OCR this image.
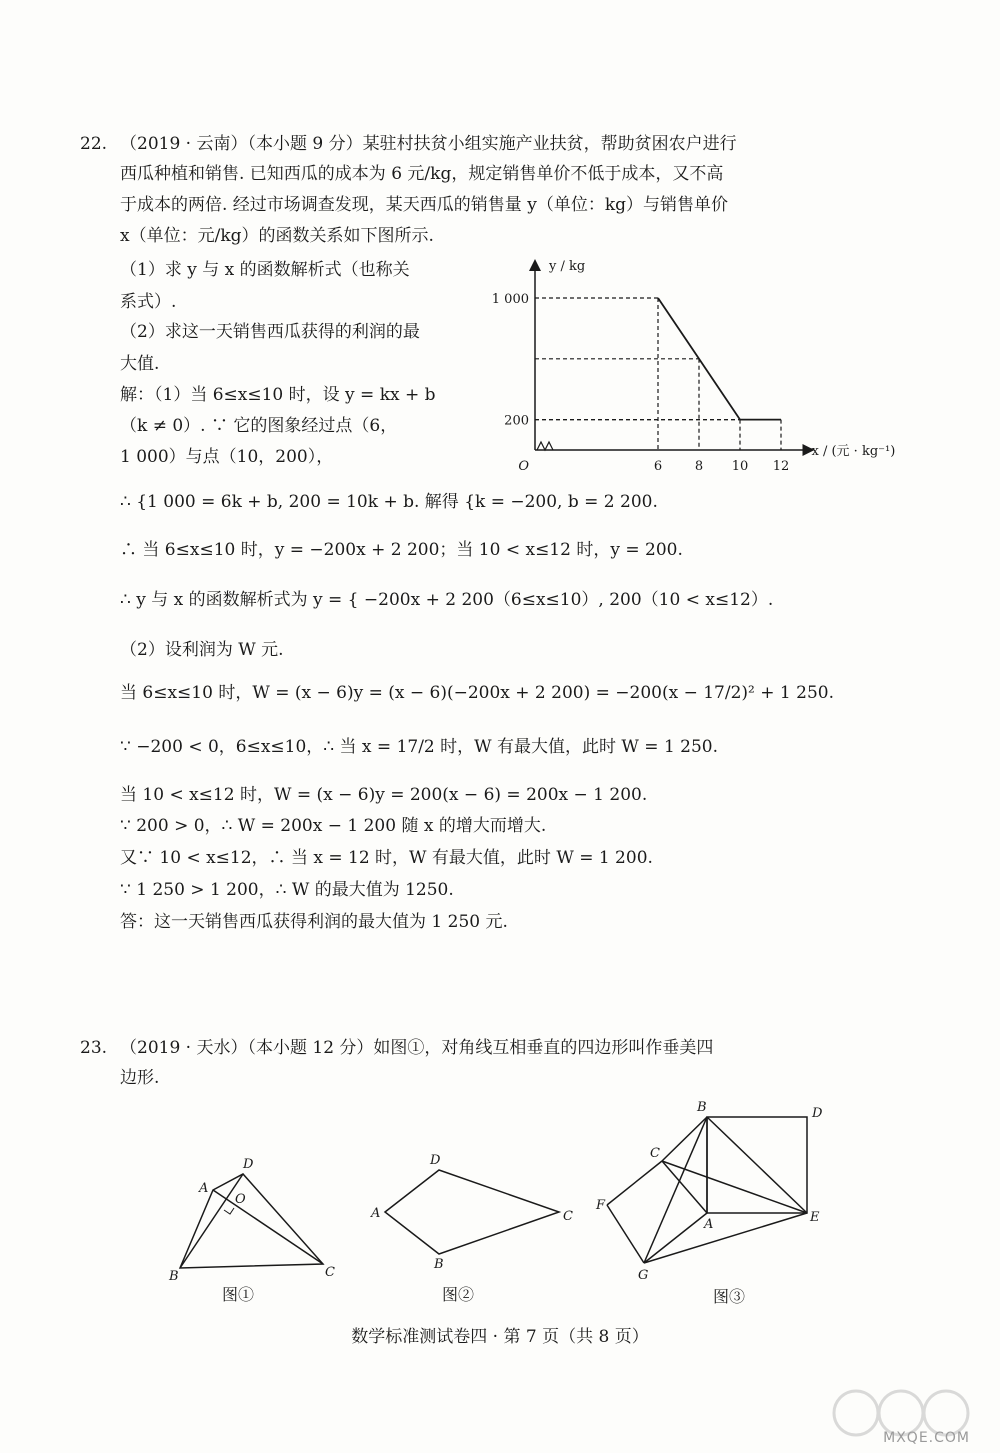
22. （2019 · 云南）（本小题 9 分）某驻村扶贫小组实施产业扶贫，帮助贫困农户进行
西瓜种植和销售. 已知西瓜的成本为 6 元/kg，规定销售单价不低于成本，又不高
于成本的两倍. 经过市场调查发现，某天西瓜的销售量 y（单位：kg）与销售单价
x（单位：元/kg）的函数关系如下图所示.
（1）求 y 与 x 的函数解析式（也称关
系式）.
（2）求这一天销售西瓜获得的利润的最
大值.
解：（1）当 6≤x≤10 时，设 y = kx + b
（k ≠ 0）. ∵ 它的图象经过点（6，
1 000）与点（10，200），
∴ {1 000 = 6k + b, 200 = 10k + b. 解得 {k = −200, b = 2 200.
∴ 当 6≤x≤10 时，y = −200x + 2 200；当 10 < x≤12 时，y = 200.
∴ y 与 x 的函数解析式为 y = { −200x + 2 200（6≤x≤10）, 200（10 < x≤12）.
（2）设利润为 W 元.
当 6≤x≤10 时，W = (x − 6)y = (x − 6)(−200x + 2 200) = −200(x − 17/2)² + 1 250.
∵ −200 < 0，6≤x≤10，∴ 当 x = 17/2 时，W 有最大值，此时 W = 1 250.
当 10 < x≤12 时，W = (x − 6)y = 200(x − 6) = 200x − 1 200.
∵ 200 > 0，∴ W = 200x − 1 200 随 x 的增大而增大.
又∵ 10 < x≤12，∴ 当 x = 12 时，W 有最大值，此时 W = 1 200.
∵ 1 250 > 1 200，∴ W 的最大值为 1250.
答：这一天销售西瓜获得利润的最大值为 1 250 元.
6	8 10 12
1 000
200
O
y / kg
x / (元 · kg⁻¹)
23. （2019 · 天水）（本小题 12 分）如图①，对角线互相垂直的四边形叫作垂美四
边形.
A
D
O
B	C
图①
D
A	C
B
图②
B	D
C
F
A	E
G
图③
数学标准测试卷四 · 第 7 页（共 8 页）
MXQE.COM
